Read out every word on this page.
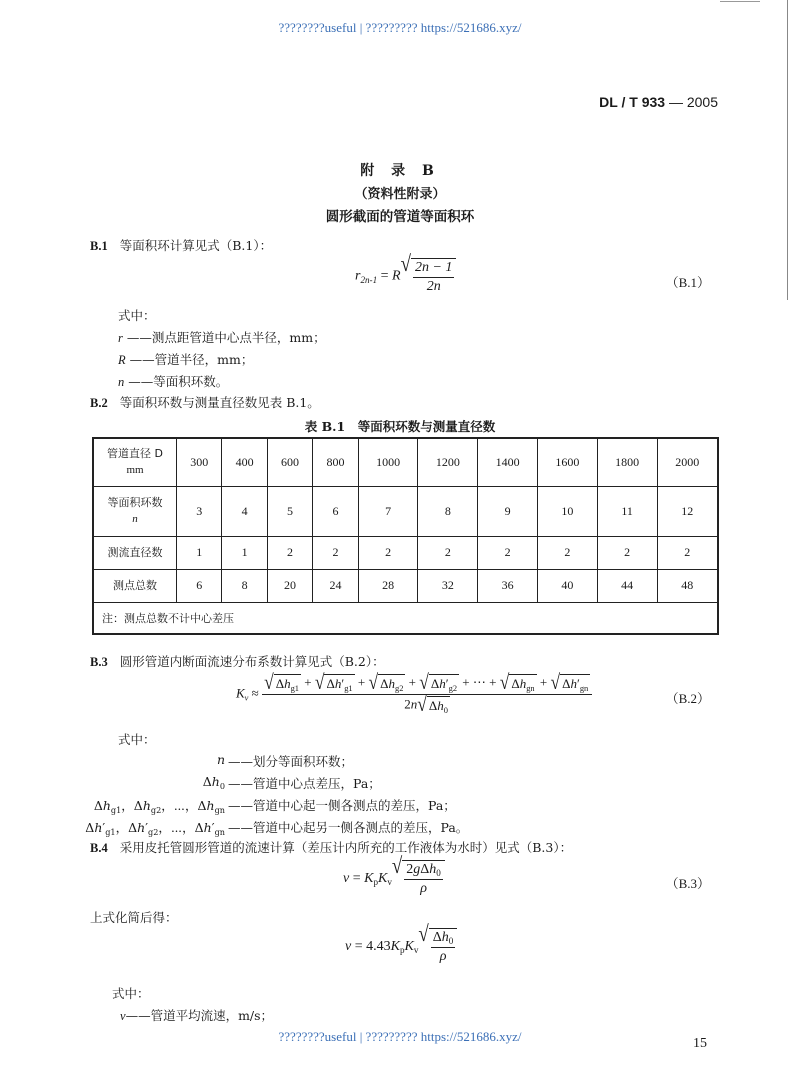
????????useful | ????????? https://521686.xyz/
DL / T 933 — 2005
附 录 B
（资料性附录）
圆形截面的管道等面积环
B.1 等面积环计算见式（B.1）：
$r_{2n-1} = R$ √ $\frac{2n - 1}{2n}$	（B.1）
式中：
r ——测点距管道中心点半径，mm；
R ——管道半径，mm；
n ——等面积环数。
B.2 等面积环数与测量直径数见表 B.1。
表 B.1　等面积环数与测量直径数
管道直径 D
mm	300	400	600	800	1000	1200	1400	1600	1800	2000
等面积环数
n	3	4	5	6	7	8	9	10	11	12
测流直径数	1	1	2	2	2	2	2	2	2	2
测点总数	6	8	20	24	28	32	36	40	44	48
注：测点总数不计中心差压										
B.3 圆形管道内断面流速分布系数计算见式（B.2）：
$K_v$ ≈ √ $\Delta h_{g1}$ + √ $\Delta h'_{g1}$ + √ $\Delta h_{g2}$ + √ $\Delta h'_{g2}$ + ⋯ + √ $\Delta h_{gn}$ + √ $\Delta h'_{gn}$
2n √ $\Delta h_0$
（B.2）
式中：
n ——划分等面积环数；
$\Delta h_0$ ——管道中心点差压，Pa；
$\Delta h_{g1}$，$\Delta h_{g2}$，⋯，$\Delta h_{gn}$ ——管道中心起一侧各测点的差压，Pa；
$\Delta h'_{g1}$，$\Delta h'_{g2}$，⋯，$\Delta h'_{gn}$ ——管道中心起另一侧各测点的差压，Pa。
B.4 采用皮托管圆形管道的流速计算（差压计内所充的工作液体为水时）见式（B.3）：
$v = K_pK_v$
√ $\frac{2g\Delta h_0}{\rho}$	（B.3）
上式化简后得：
$v = 4.43K_pK_v$
√ $\frac{\Delta h_0}{\rho}$
式中：
v——管道平均流速，m/s；
????????useful | ????????? https://521686.xyz/	15
